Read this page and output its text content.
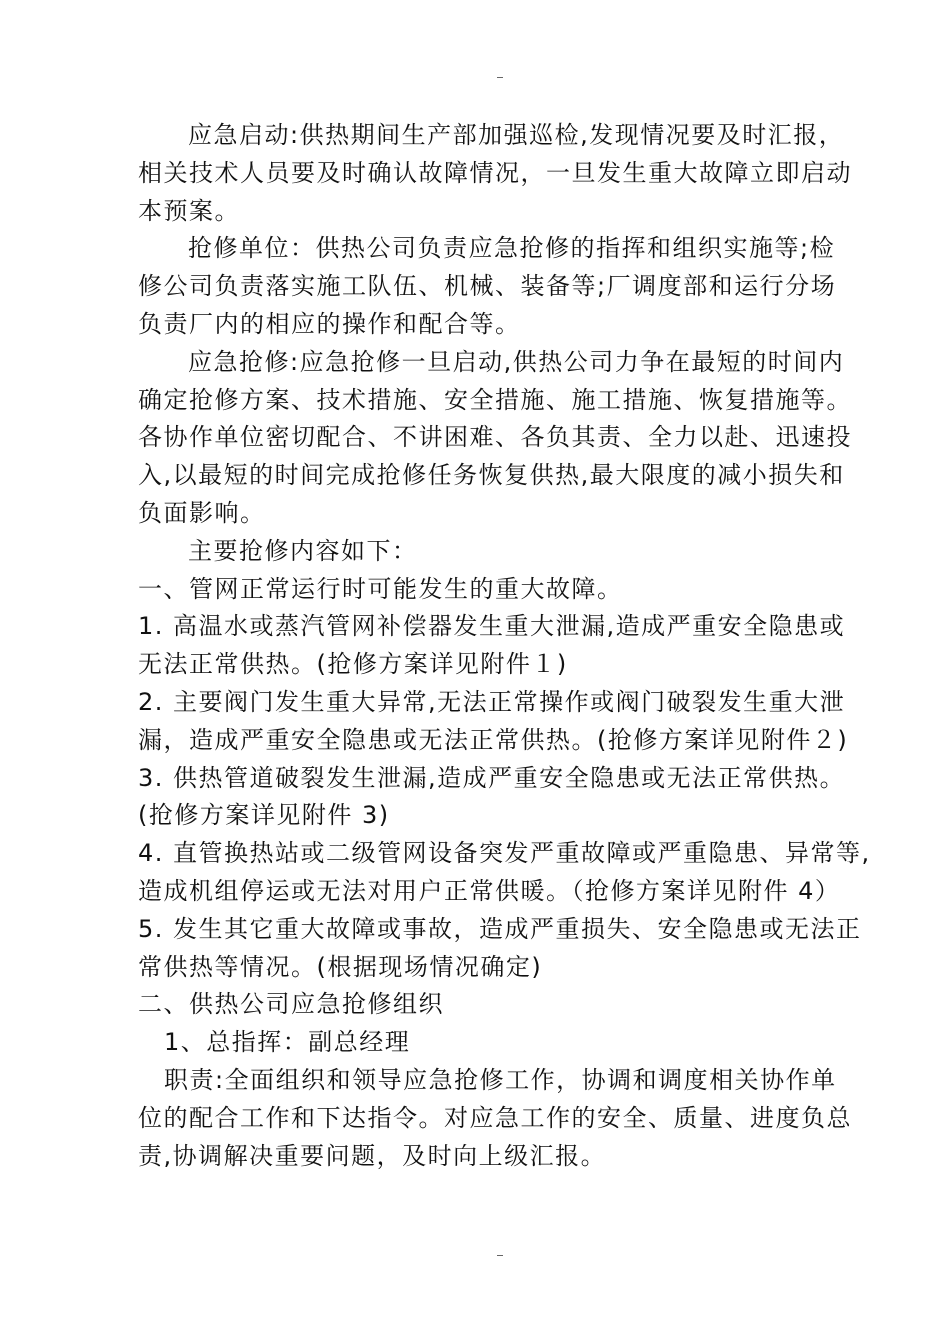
应急启动:供热期间生产部加强巡检,发现情况要及时汇报，
相关技术人员要及时确认故障情况，一旦发生重大故障立即启动
本预案。
抢修单位：供热公司负责应急抢修的指挥和组织实施等;检
修公司负责落实施工队伍、机械、装备等;厂调度部和运行分场
负责厂内的相应的操作和配合等。
应急抢修:应急抢修一旦启动,供热公司力争在最短的时间内
确定抢修方案、技术措施、安全措施、施工措施、恢复措施等。
各协作单位密切配合、不讲困难、各负其责、全力以赴、迅速投
入,以最短的时间完成抢修任务恢复供热,最大限度的减小损失和
负面影响。
主要抢修内容如下：
一、管网正常运行时可能发生的重大故障。
1. 高温水或蒸汽管网补偿器发生重大泄漏,造成严重安全隐患或
无法正常供热。(抢修方案详见附件１)
2. 主要阀门发生重大异常,无法正常操作或阀门破裂发生重大泄
漏，造成严重安全隐患或无法正常供热。(抢修方案详见附件２)
3. 供热管道破裂发生泄漏,造成严重安全隐患或无法正常供热。
(抢修方案详见附件 3)
4. 直管换热站或二级管网设备突发严重故障或严重隐患、异常等,
造成机组停运或无法对用户正常供暖。（抢修方案详见附件 4）
5. 发生其它重大故障或事故，造成严重损失、安全隐患或无法正
常供热等情况。(根据现场情况确定)
二、供热公司应急抢修组织
1、总指挥：副总经理
职责:全面组织和领导应急抢修工作，协调和调度相关协作单
位的配合工作和下达指令。对应急工作的安全、质量、进度负总
责,协调解决重要问题，及时向上级汇报。
